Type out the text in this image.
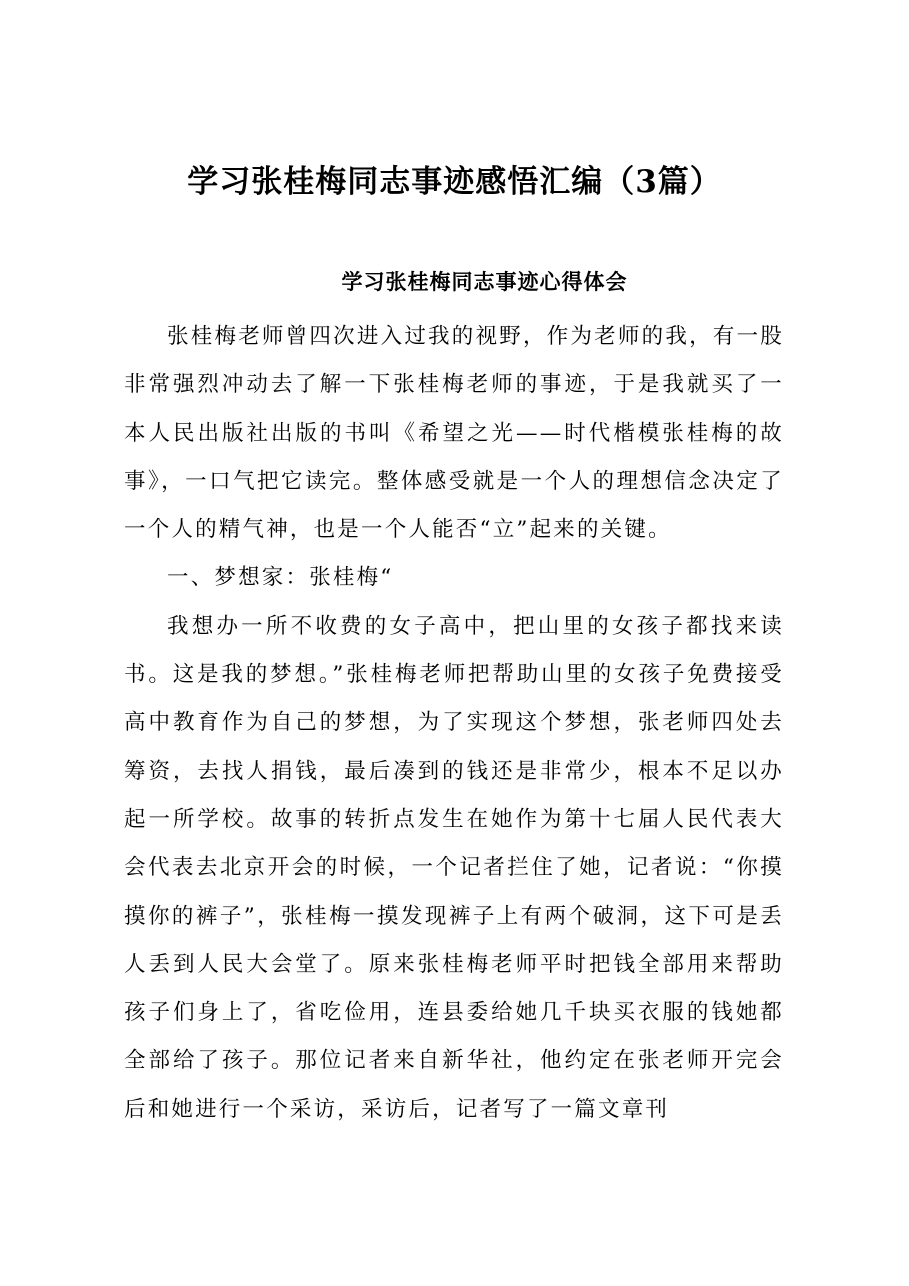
学习张桂梅同志事迹感悟汇编（3篇）
学习张桂梅同志事迹心得体会

张桂梅老师曾四次进入过我的视野，作为老师的我，有一股非常强烈冲动去了解一下张桂梅老师的事迹，于是我就买了一本人民出版社出版的书叫《希望之光——时代楷模张桂梅的故事》，一口气把它读完。整体感受就是一个人的理想信念决定了一个人的精气神，也是一个人能否“立”起来的关键。

一、梦想家：张桂梅“

我想办一所不收费的女子高中，把山里的女孩子都找来读书。这是我的梦想。”张桂梅老师把帮助山里的女孩子免费接受高中教育作为自己的梦想，为了实现这个梦想，张老师四处去筹资，去找人捐钱，最后凑到的钱还是非常少，根本不足以办起一所学校。故事的转折点发生在她作为第十七届人民代表大会代表去北京开会的时候，一个记者拦住了她，记者说：“你摸摸你的裤子”，张桂梅一摸发现裤子上有两个破洞，这下可是丢人丢到人民大会堂了。原来张桂梅老师平时把钱全部用来帮助孩子们身上了，省吃俭用，连县委给她几千块买衣服的钱她都全部给了孩子。那位记者来自新华社，他约定在张老师开完会后和她进行一个采访，采访后，记者写了一篇文章刊
